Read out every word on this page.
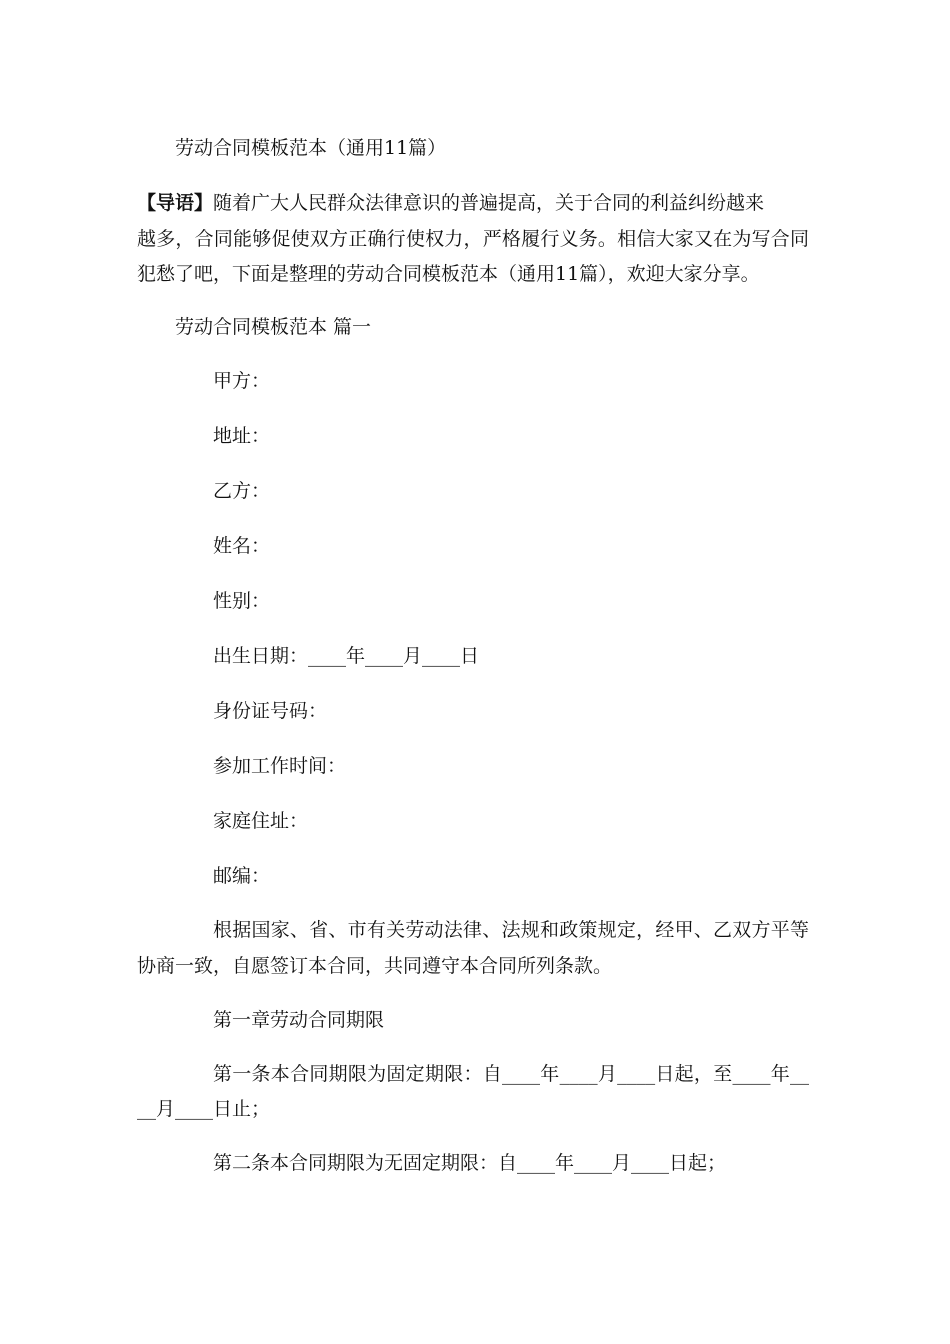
劳动合同模板范本（通用11篇）
【导语】随着广大人民群众法律意识的普遍提高，关于合同的利益纠纷越来
越多，合同能够促使双方正确行使权力，严格履行义务。相信大家又在为写合同
犯愁了吧，下面是整理的劳动合同模板范本（通用11篇），欢迎大家分享。
劳动合同模板范本 篇一
甲方：
地址：
乙方：
姓名：
性别：
出生日期：____年____月____日
身份证号码：
参加工作时间：
家庭住址：
邮编：
根据国家、省、市有关劳动法律、法规和政策规定，经甲、乙双方平等
协商一致，自愿签订本合同，共同遵守本合同所列条款。
第一章劳动合同期限
第一条本合同期限为固定期限：自____年____月____日起，至____年__
__月____日止；
第二条本合同期限为无固定期限：自____年____月____日起；
